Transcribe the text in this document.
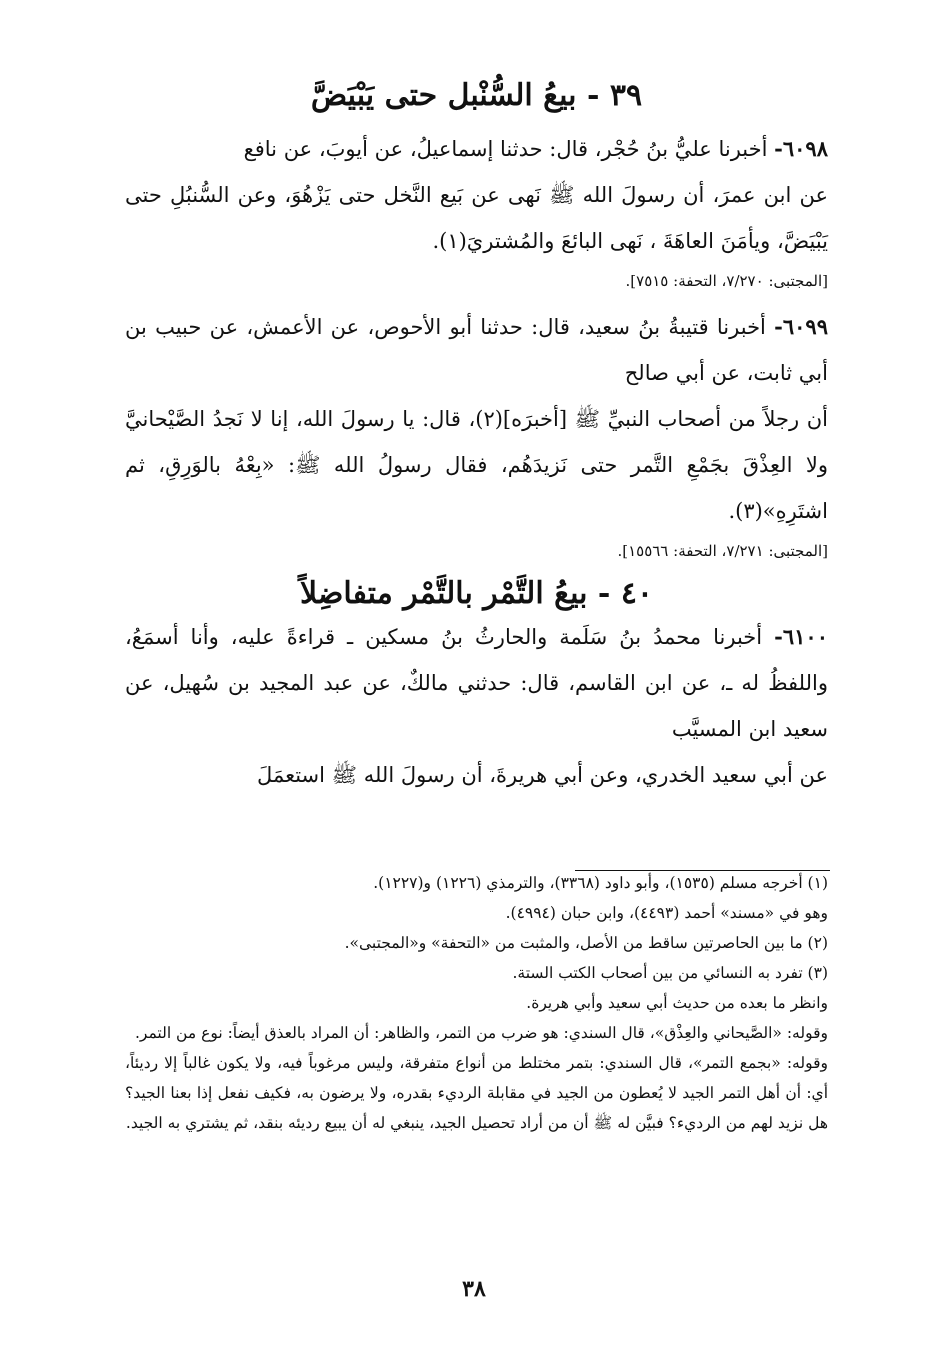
٣٩ - بيعُ السُّنْبل حتى يَبْيَضَّ

٦٠٩٨- أخبرنا عليُّ بنُ حُجْر، قال: حدثنا إسماعيلُ، عن أيوبَ، عن نافع

عن ابن عمرَ، أن رسولَ الله ﷺ نَهى عن بَيع النَّخل حتى يَزْهُوَ، وعن السُّنبُلِ حتى يَبْيَضَّ، ويأمَنَ العاهَةَ ، نَهى البائعَ والمُشتريَ(١).

[المجتبى: ٧/٢٧٠، التحفة: ٧٥١٥].

٦٠٩٩- أخبرنا قتيبةُ بنُ سعيد، قال: حدثنا أبو الأحوص، عن الأعمش، عن حبيب بن أبي ثابت، عن أبي صالح

أن رجلاً من أصحاب النبيِّ ﷺ [أخبرَه](٢)، قال: يا رسولَ الله، إنا لا نَجدُ الصَّيْحانيَّ ولا العِذْقَ بجَمْعِ التَّمر حتى نَزيدَهُم، فقال رسولُ الله ﷺ: «بِعْهُ بالوَرِقِ، ثم اشتَرِهِ»(٣).

[المجتبى: ٧/٢٧١، التحفة: ١٥٥٦٦].

٤٠ - بيعُ التَّمْر بالتَّمْر متفاضِلاً

٦١٠٠- أخبرنا محمدُ بنُ سَلَمة والحارثُ بنُ مسكين ـ قراءةً عليه، وأنا أسمَعُ، واللفظُ له ـ، عن ابن القاسم، قال: حدثني مالكٌ، عن عبد المجيد بن سُهيل، عن سعيد ابن المسيَّب

عن أبي سعيد الخدري، وعن أبي هريرةَ، أن رسولَ الله ﷺ استعمَلَ

(١) أخرجه مسلم (١٥٣٥)، وأبو داود (٣٣٦٨)، والترمذي (١٢٢٦) و(١٢٢٧).

وهو في «مسند» أحمد (٤٤٩٣)، وابن حبان (٤٩٩٤).

(٢) ما بين الحاصرتين ساقط من الأصل، والمثبت من «التحفة» و«المجتبى».

(٣) تفرد به النسائي من بين أصحاب الكتب الستة.

وانظر ما بعده من حديث أبي سعيد وأبي هريرة.

وقوله: «الصَّيحاني والعِذْق»، قال السندي: هو ضرب من التمر، والظاهر: أن المراد بالعذق أيضاً: نوع من التمر.

وقوله: «بجمع التمر»، قال السندي: بتمر مختلط من أنواع متفرقة، وليس مرغوباً فيه، ولا يكون غالباً إلا رديئاً، أي: أن أهل التمر الجيد لا يُعطون من الجيد في مقابلة الرديء بقدره، ولا يرضون به، فكيف نفعل إذا بعنا الجيد؟ هل نزيد لهم من الرديء؟ فبيَّن له ﷺ أن من أراد تحصيل الجيد، ينبغي له أن يبيع رديئه بنقد، ثم يشتري به الجيد.

٣٨
